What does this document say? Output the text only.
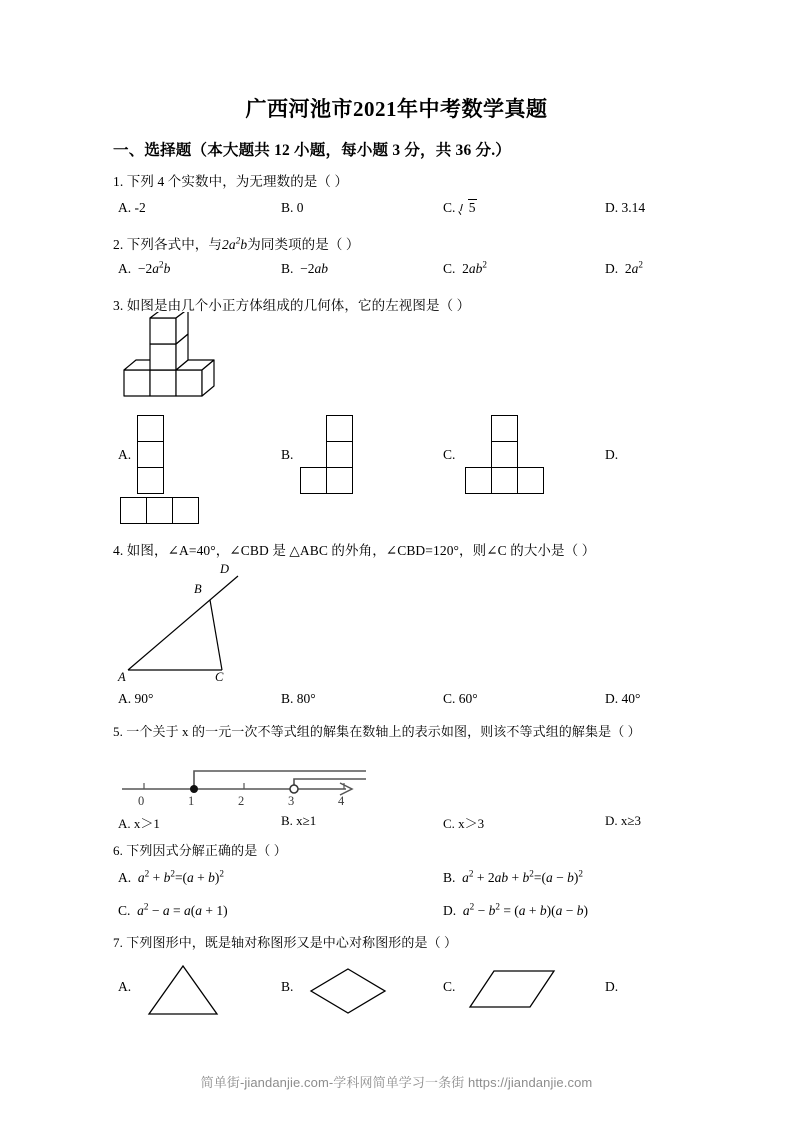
广西河池市2021年中考数学真题
一、选择题（本大题共 12 小题，每小题 3 分，共 36 分.）
1. 下列 4 个实数中，为无理数的是（ ）
A. -2	B. 0	C. 5	D. 3.14
2. 下列各式中，与$2a^2b$为同类项的是（ ）
A.  $-2a^2b$	B.  −2ab	C.  $2ab^2$	D.  $2a^2$
3. 如图是由几个小正方体组成的几何体，它的左视图是（ ）
A.	B.	C.	D.
4. 如图，∠A=40°，∠CBD 是 △ABC 的外角，∠CBD=120°，则∠C 的大小是（ ）
D
B
A	C
A. 90°	B. 80°	C. 60°	D. 40°
5. 一个关于 x 的一元一次不等式组的解集在数轴上的表示如图，则该不等式组的解集是（ ）
0	1	2	3	4
A. x＞1	B. x≥1	C. x＞3	D. x≥3
6. 下列因式分解正确的是（ ）
A. $a^2 + b^2=(a + b)^2$	B. $a^2 + 2ab + b^2=(a - b)^2$
C. $a^2 - a = a(a + 1)$	D. $a^2 - b^2 = (a + b)(a - b)$
7. 下列图形中，既是轴对称图形又是中心对称图形的是（ ）
A.	B.	C.	D.
简单街-jiandanjie.com-学科网简单学习一条街 https://jiandanjie.com
